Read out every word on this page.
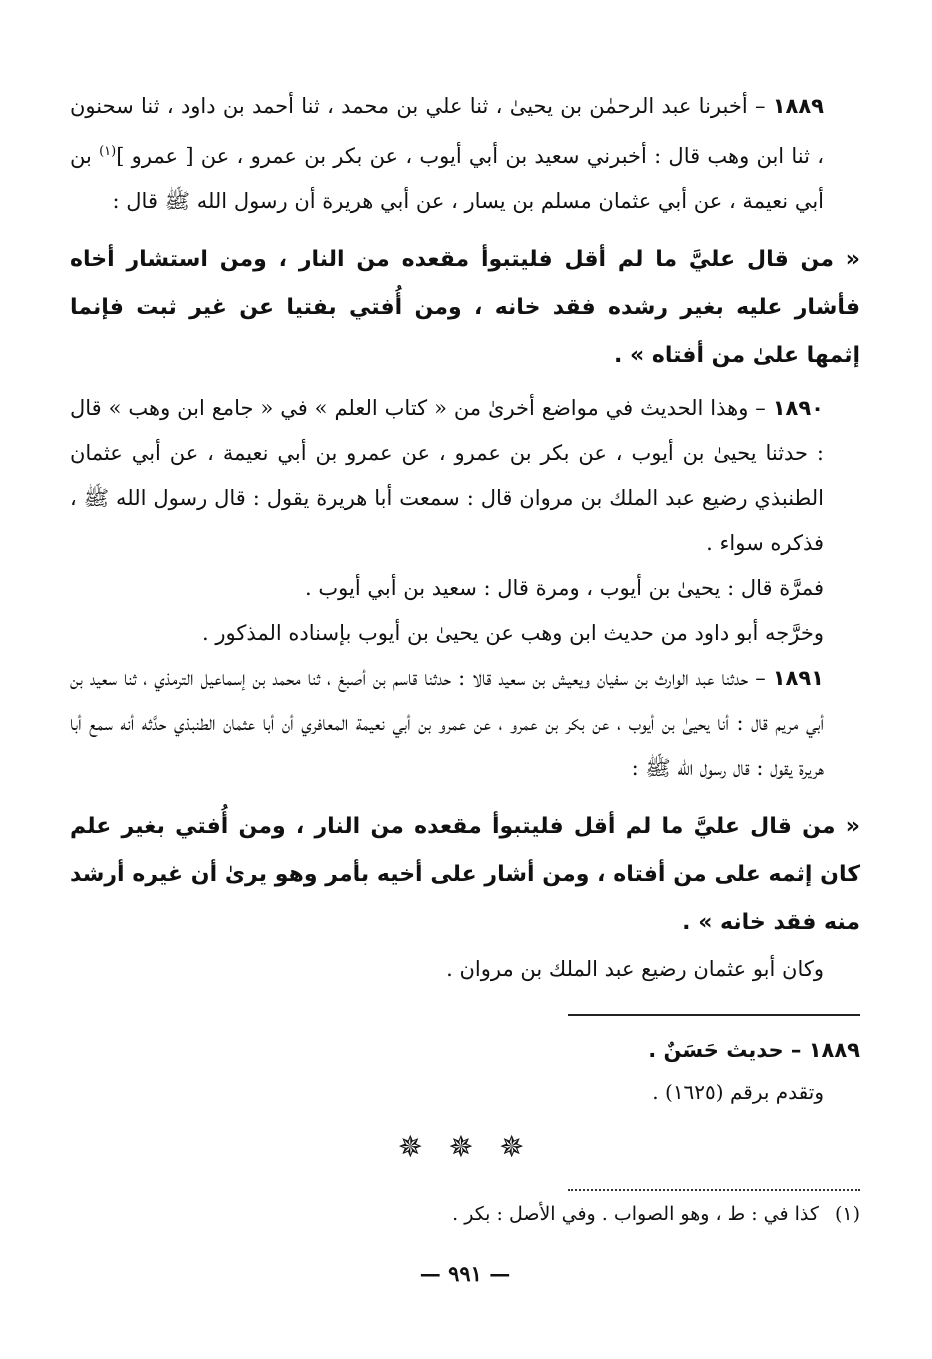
١٨٨٩ – أخبرنا عبد الرحمٰن بن يحيىٰ ، ثنا علي بن محمد ، ثنا أحمد بن داود ، ثنا سحنون ، ثنا ابن وهب قال : أخبرني سعيد بن أبي أيوب ، عن بكر بن عمرو ، عن [ عمرو ]$^{(١)}$ بن أبي نعيمة ، عن أبي عثمان مسلم بن يسار ، عن أبي هريرة أن رسول الله ﷺ قال :

« من قال عليَّ ما لم أقل فليتبوأ مقعده من النار ، ومن استشار أخاه فأشار عليه بغير رشده فقد خانه ، ومن أُفتي بفتيا عن غير ثبت فإنما إثمها علىٰ من أفتاه » .

١٨٩٠ – وهذا الحديث في مواضع أخرىٰ من « كتاب العلم » في « جامع ابن وهب » قال : حدثنا يحيىٰ بن أيوب ، عن بكر بن عمرو ، عن عمرو بن أبي نعيمة ، عن أبي عثمان الطنبذي رضيع عبد الملك بن مروان قال : سمعت أبا هريرة يقول : قال رسول الله ﷺ ، فذكره سواء .

فمرَّة قال : يحيىٰ بن أيوب ، ومرة قال : سعيد بن أبي أيوب .

وخرَّجه أبو داود من حديث ابن وهب عن يحيىٰ بن أيوب بإسناده المذكور .

١٨٩١ – حدثنا عبد الوارث بن سفيان ويعيش بن سعيد قالا : حدثنا قاسم بن أصبغ ، ثنا محمد بن إسماعيل الترمذي ، ثنا سعيد بن أبي مريم قال : أنا يحيىٰ بن أيوب ، عن بكر بن عمرو ، عن عمرو بن أبي نعيمة المعافري أن أبا عثمان الطنبذي حدَّثه أنه سمع أبا هريرة يقول : قال رسول الله ﷺ :

« من قال عليَّ ما لم أقل فليتبوأ مقعده من النار ، ومن أُفتي بغير علم كان إثمه على من أفتاه ، ومن أشار على أخيه بأمر وهو يرىٰ أن غيره أرشد منه فقد خانه » .

وكان أبو عثمان رضيع عبد الملك بن مروان .

١٨٨٩ – حديث حَسَنٌ .

وتقدم برقم (١٦٢٥) .

✵ ✵ ✵

(١)كذا في : ط ، وهو الصواب . وفي الأصل : بكر .

— ٩٩١ —
